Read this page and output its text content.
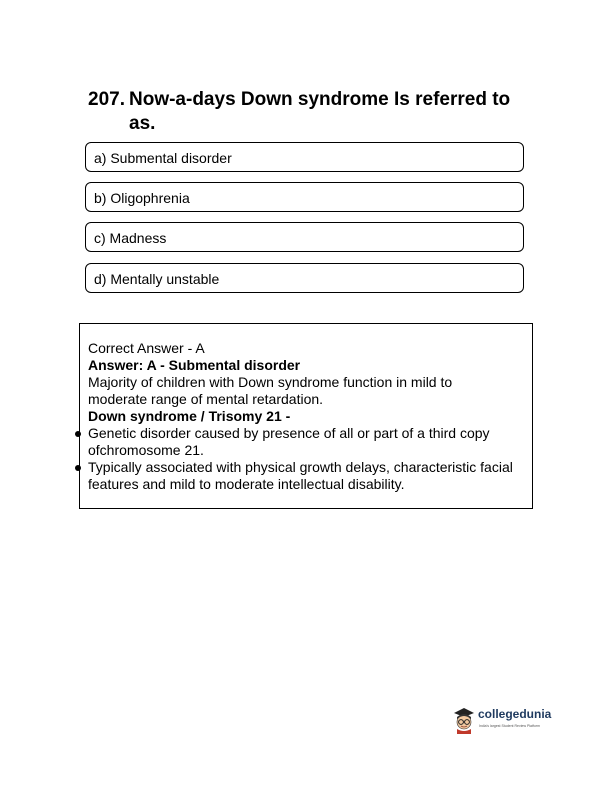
207. Now-a-days Down syndrome Is referred to as.
a) Submental disorder
b) Oligophrenia
c) Madness
d) Mentally unstable
Correct Answer - A
Answer: A - Submental disorder
Majority of children with Down syndrome function in mild to
moderate range of mental retardation.
Down syndrome / Trisomy 21 -
Genetic disorder caused by presence of all or part of a third copy
ofchromosome 21.
Typically associated with physical growth delays, characteristic facial
features and mild to moderate intellectual disability.
collegedunia
India's largest Student Review Platform
